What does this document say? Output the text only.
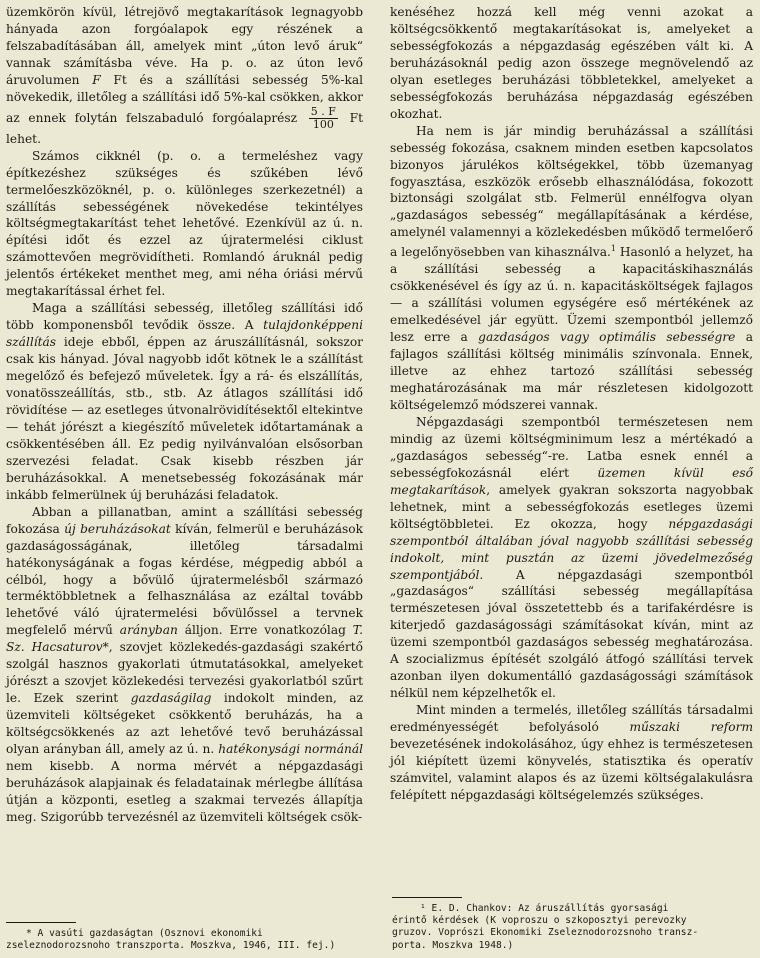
üzemkörön kívül, létrejövő megtakarítások legnagyobb hányada azon forgóalapok egy részének a felszabadításában áll, amelyek mint „úton levő áruk“ vannak számításba véve. Ha p. o. az úton levő áruvolumen F Ft és a szállítási sebesség 5%-kal növekedik, illetőleg a szállítási idő 5%-kal csökken, akkor az ennek folytán felszabaduló forgóalaprész $\frac{5 . F}{100}$ Ft lehet.

Számos cikknél (p. o. a termeléshez vagy építkezéshez szükséges és szűkében lévő termelőeszközöknél, p. o. különleges szerkezetnél) a szállítás sebességének növekedése tekintélyes költségmegtakarítást tehet lehetővé. Ezenkívül az ú. n. építési időt és ezzel az újratermelési ciklust számottevően megrövidítheti. Romlandó áruknál pedig jelentős értékeket menthet meg, ami néha óriási mérvű megtakarítással érhet fel.

Maga a szállítási sebesség, illetőleg szállítási idő több komponensből tevődik össze. A tulajdonképpeni szállítás ideje ebből, éppen az áruszállításnál, sokszor csak kis hányad. Jóval nagyobb időt kötnek le a szállítást megelőző és befejező műveletek. Így a rá- és elszállítás, vonatösszeállítás, stb., stb. Az átlagos szállítási idő rövidítése — az esetleges útvonalrövidítésektől eltekintve — tehát jórészt a kiegészítő műveletek időtartamának a csökkentésében áll. Ez pedig nyilvánvalóan elsősorban szervezési feladat. Csak kisebb részben jár beruházásokkal. A menetsebesség fokozásának már inkább felmerülnek új beruházási feladatok.

Abban a pillanatban, amint a szállítási sebesség fokozása új beruházásokat kíván, felmerül e beruházások gazdaságosságának, illetőleg társadalmi hatékonyságának a fogas kérdése, mégpedig abból a célból, hogy a bővülő újratermelésből származó terméktöbbletnek a felhasználása az ezáltal tovább lehetővé váló újratermelési bővülőssel a tervnek megfelelő mérvű arányban álljon. Erre vonatkozólag T. Sz. Hacsaturov*, szovjet közlekedés-gazdasági szakértő szolgál hasznos gyakorlati útmutatásokkal, amelyeket jórészt a szovjet közlekedési tervezési gyakorlatból szűrt le. Ezek szerint gazdaságilag indokolt minden, az üzemviteli költségeket csökkentő beruházás, ha a költségcsökkenés az azt lehetővé tevő beruházással olyan arányban áll, amely az ú. n. hatékonysági normánál nem kisebb. A norma mérvét a népgazdasági beruházások alapjainak és feladatainak mérlegbe állítása útján a központi, esetleg a szakmai tervezés állapítja meg. Szigorúbb tervezésnél az üzemviteli költségek csök-

* A vasúti gazdaságtan (Osznovi ekonomiki zseleznodorozsnoho transzporta. Moszkva, 1946, III. fej.)

kenéséhez hozzá kell még venni azokat a költségcsökkentő megtakarításokat is, amelyeket a sebességfokozás a népgazdaság egészében vált ki. A beruházásoknál pedig azon összege megnövelendő az olyan esetleges beruházási többletekkel, amelyeket a sebességfokozás beruházása népgazdaság egészében okozhat.

Ha nem is jár mindig beruházással a szállítási sebesség fokozása, csaknem minden esetben kapcsolatos bizonyos járulékos költségekkel, több üzemanyag fogyasztása, eszközök erősebb elhasználódása, fokozott biztonsági szolgálat stb. Felmerül ennélfogva olyan „gazdaságos sebesség“ megállapításának a kérdése, amelynél valamennyi a közlekedésben működő termelőerő a legelőnyösebben van kihasználva.$^1$ Hasonló a helyzet, ha a szállítási sebesség a kapacitáskihasználás csökkenésével és így az ú. n. kapacitásköltségek fajlagos — a szállítási volumen egységére eső mértékének az emelkedésével jár együtt. Üzemi szempontból jellemző lesz erre a gazdaságos vagy optimális sebességre a fajlagos szállítási költség minimális színvonala. Ennek, illetve az ehhez tartozó szállítási sebesség meghatározásának ma már részletesen kidolgozott költségelemző módszerei vannak.

Népgazdasági szempontból természetesen nem mindig az üzemi költségminimum lesz a mértékadó a „gazdaságos sebesség“-re. Latba esnek ennél a sebességfokozásnál elért üzemen kívül eső megtakarítások, amelyek gyakran sokszorta nagyobbak lehetnek, mint a sebességfokozás esetleges üzemi költségtöbbletei. Ez okozza, hogy népgazdasági szempontból általában jóval nagyobb szállítási sebesség indokolt, mint pusztán az üzemi jövedelmezőség szempontjából. A népgazdasági szempontból „gazdaságos“ szállítási sebesség megállapítása természetesen jóval összetettebb és a tarifakérdésre is kiterjedő gazdaságossági számításokat kíván, mint az üzemi szempontból gazdaságos sebesség meghatározása. A szocializmus építését szolgáló átfogó szállítási tervek azonban ilyen dokumentálló gazdaságossági számítások nélkül nem képzelhetők el.

Mint minden a termelés, illetőleg szállítás társadalmi eredményességét befolyásoló műszaki reform bevezetésének indokolásához, úgy ehhez is természetesen jól kiépített üzemi könyvelés, statisztika és operatív számvitel, valamint alapos és az üzemi költségalakulásra felépített népgazdasági költségelemzés szükséges.

¹ E. D. Chankov: Az áruszállítás gyorsasági
érintő kérdések (K voproszu o szkoposztyi perevozky
gruzov. Voprószi Ekonomiki Zseleznodorozsnoho transz-
porta. Moszkva 1948.)
